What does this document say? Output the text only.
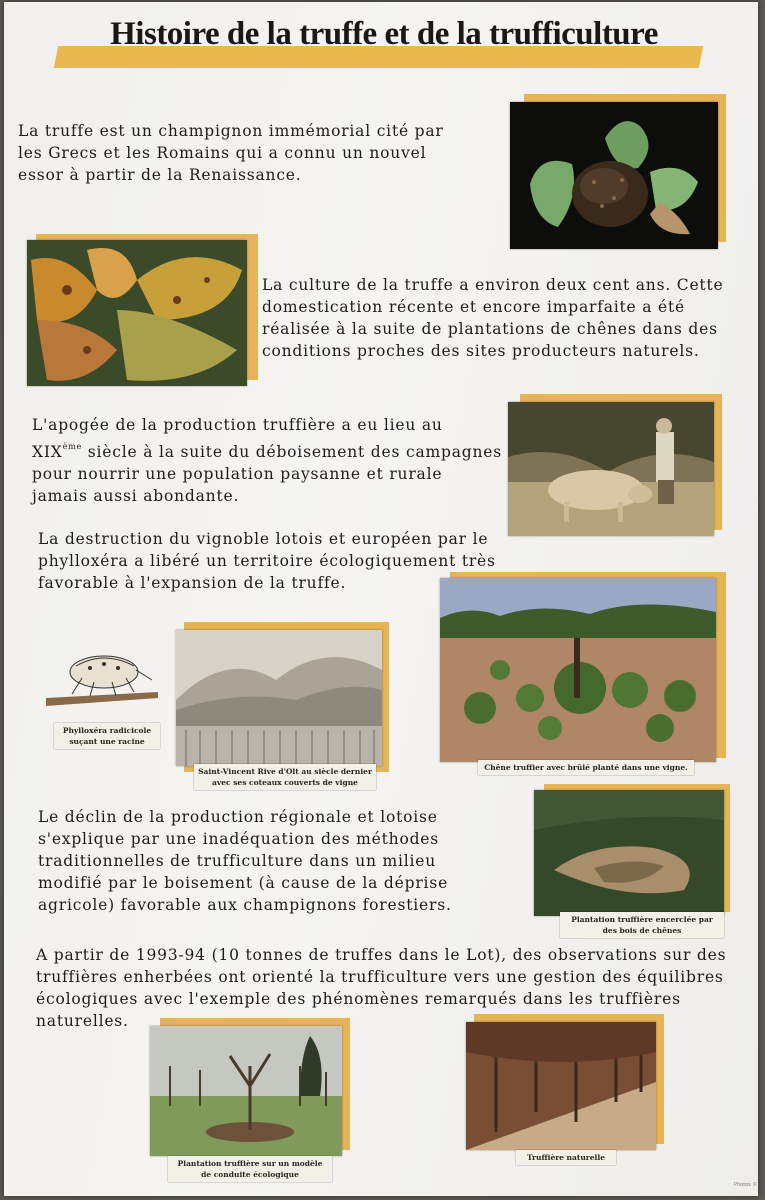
Histoire de la truffe et de la trufficulture
La truffe est un champignon immémorial cité par
les Grecs et les Romains qui a connu un nouvel
essor à partir de la Renaissance.
La culture de la truffe a environ deux cent ans. Cette
domestication récente et encore imparfaite a été
réalisée à la suite de plantations de chênes dans des
conditions proches des sites producteurs naturels.
L'apogée de la production truffière a eu lieu au
XIXème siècle à la suite du déboisement des campagnes
pour nourrir une population paysanne et rurale
jamais aussi abondante.
La destruction du vignoble lotois et européen par le
phylloxéra a libéré un territoire écologiquement très
favorable à l'expansion de la truffe.
Phylloxéra radicicole
suçant une racine
Saint-Vincent Rive d'Olt au siècle dernier
avec ses coteaux couverts de vigne
Chêne truffier avec brûlé planté dans une vigne.
Le déclin de la production régionale et lotoise
s'explique par une inadéquation des méthodes
traditionnelles de trufficulture dans un milieu
modifié par le boisement (à cause de la déprise
agricole) favorable aux champignons forestiers.
Plantation truffière encerclée par
des bois de chênes
A partir de 1993-94 (10 tonnes de truffes dans le Lot), des observations sur des
truffières enherbées ont orienté la trufficulture vers une gestion des équilibres
écologiques avec l'exemple des phénomènes remarqués dans les truffières
naturelles.
Plantation truffière sur un modèle
de conduite écologique
Truffière naturelle
Photos ©
